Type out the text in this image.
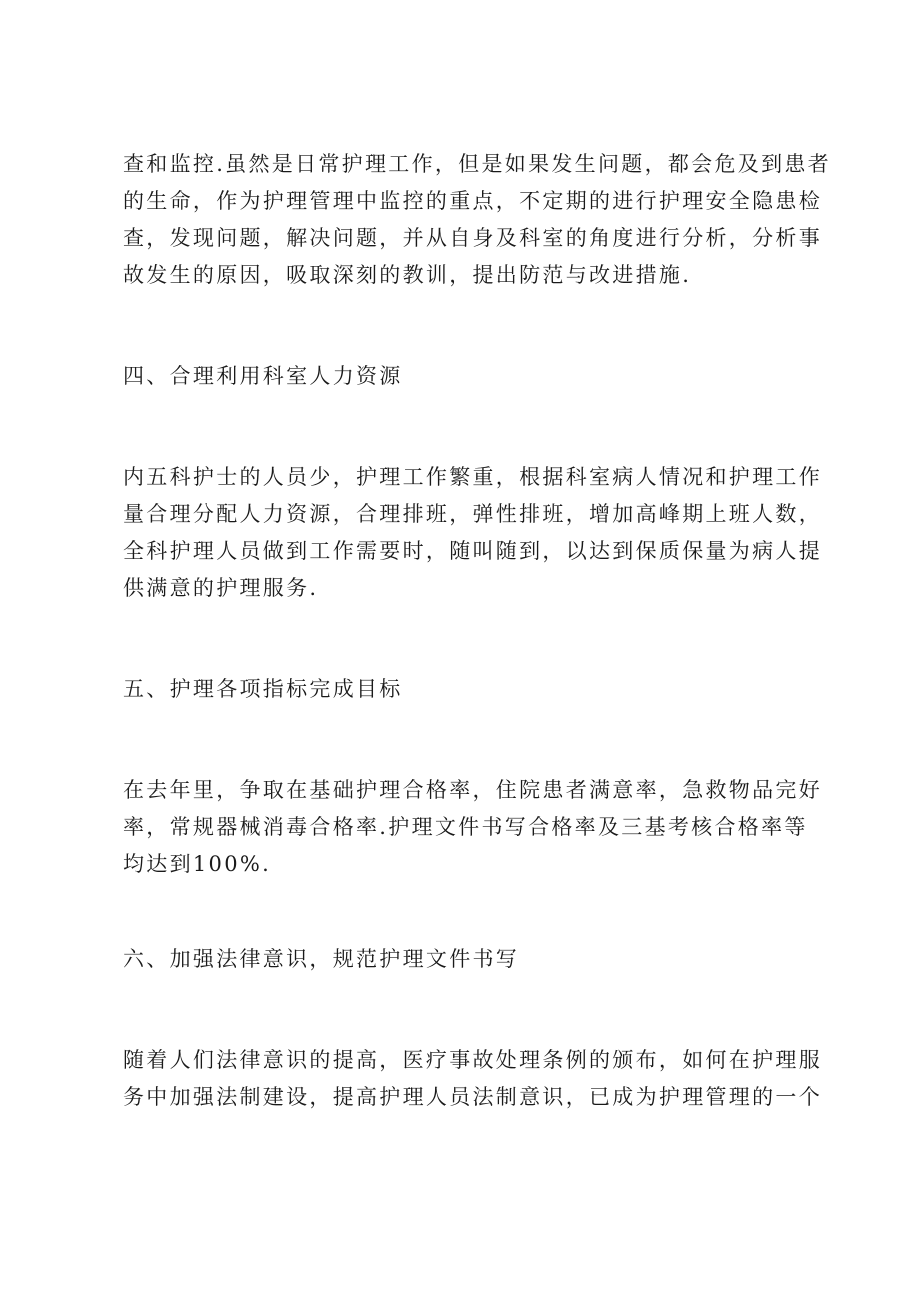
查和监控.虽然是日常护理工作，但是如果发生问题，都会危及到患者
的生命，作为护理管理中监控的重点，不定期的进行护理安全隐患检
查，发现问题，解决问题，并从自身及科室的角度进行分析，分析事
故发生的原因，吸取深刻的教训，提出防范与改进措施.
四、合理利用科室人力资源
内五科护士的人员少，护理工作繁重，根据科室病人情况和护理工作
量合理分配人力资源，合理排班，弹性排班，增加高峰期上班人数，
全科护理人员做到工作需要时，随叫随到，以达到保质保量为病人提
供满意的护理服务.
五、护理各项指标完成目标
在去年里，争取在基础护理合格率，住院患者满意率，急救物品完好
率，常规器械消毒合格率.护理文件书写合格率及三基考核合格率等
均达到100%.
六、加强法律意识，规范护理文件书写
随着人们法律意识的提高，医疗事故处理条例的颁布，如何在护理服
务中加强法制建设，提高护理人员法制意识，已成为护理管理的一个
